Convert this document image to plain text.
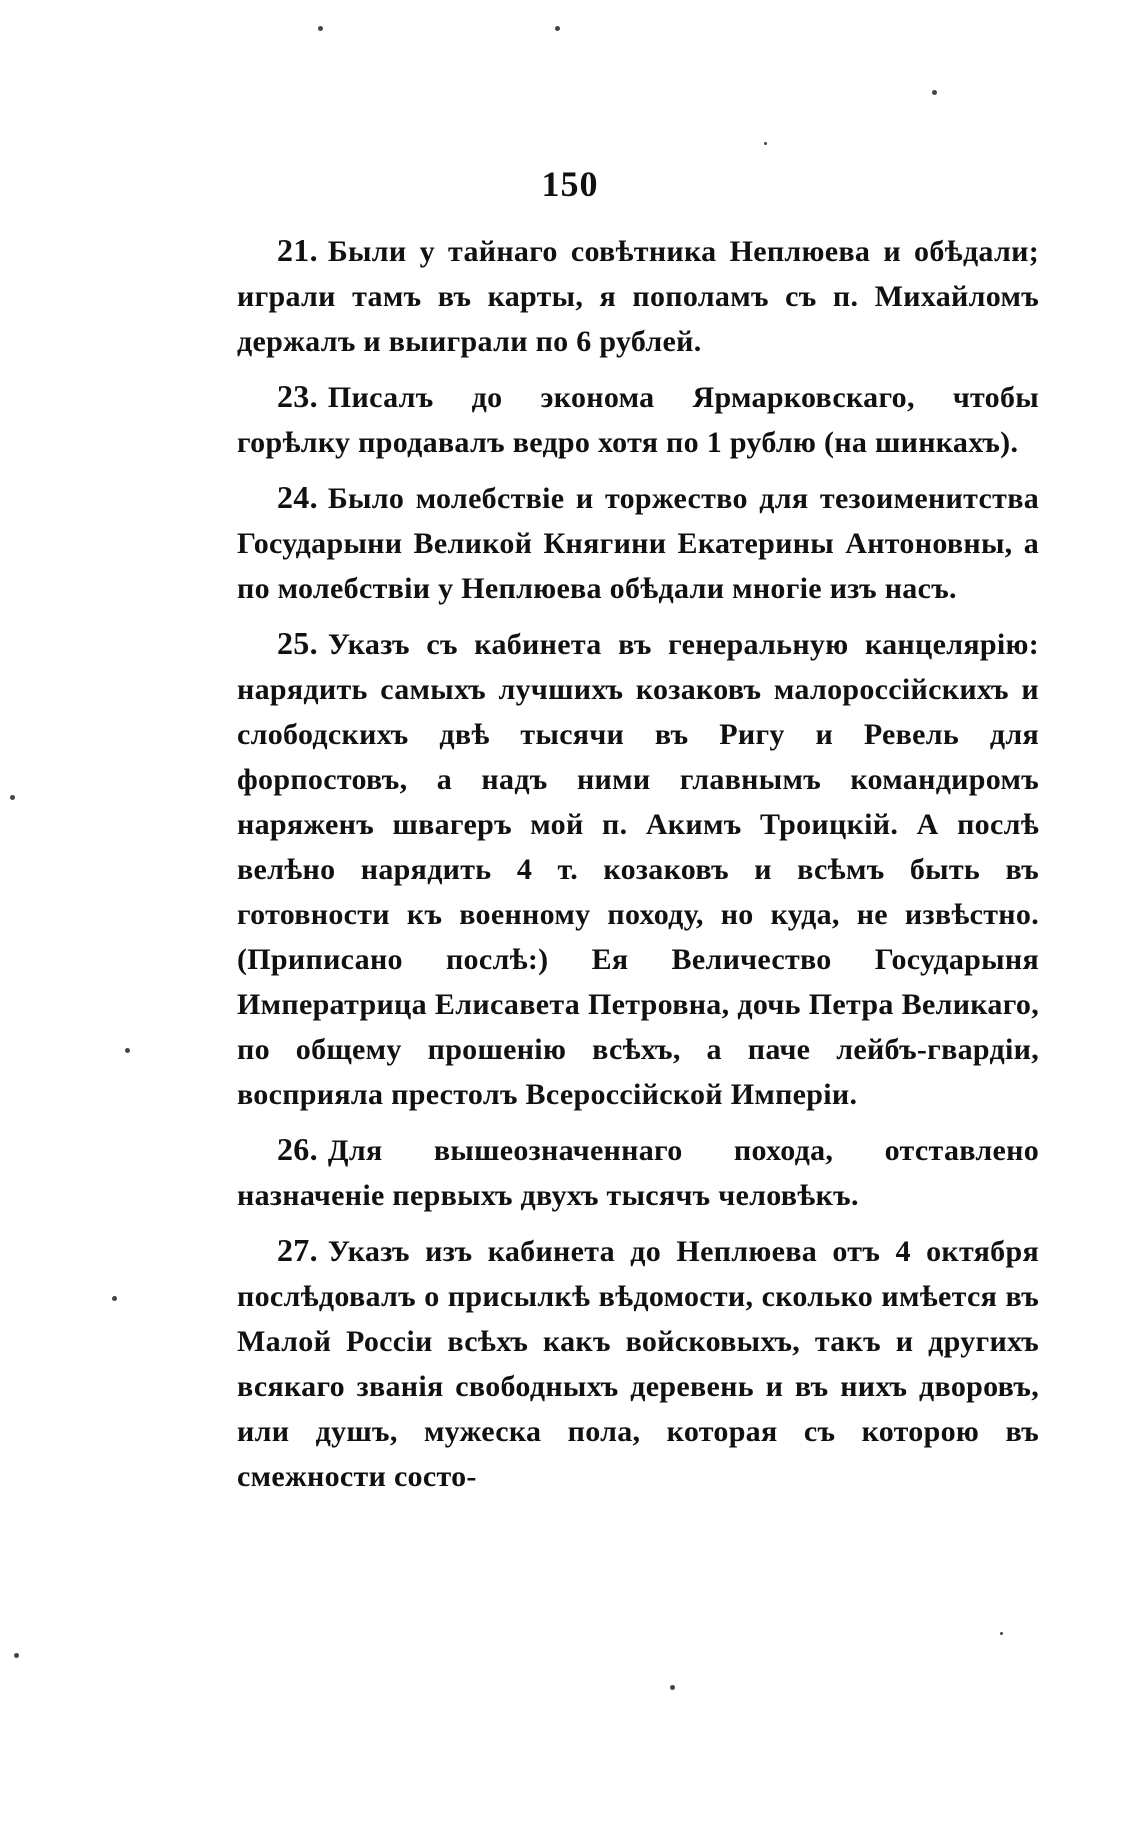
150

21. Были у тайнаго совѣтника Неплюева и обѣдали; играли тамъ въ карты, я пополамъ съ п. Михайломъ держалъ и выиграли по 6 рублей.

23. Писалъ до эконома Ярмарковскаго, чтобы горѣлку продавалъ ведро хотя по 1 рублю (на шинкахъ).

24. Было молебствіе и торжество для тезоименитства Государыни Великой Княгини Екатерины Антоновны, а по молебствіи у Неплюева обѣдали многіе изъ насъ.

25. Указъ съ кабинета въ генеральную канцелярію: нарядить самыхъ лучшихъ козаковъ малороссійскихъ и слободскихъ двѣ тысячи въ Ригу и Ревель для форпостовъ, а надъ ними главнымъ командиромъ наряженъ швагеръ мой п. Акимъ Троицкій. А послѣ велѣно нарядить 4 т. козаковъ и всѣмъ быть въ готовности къ военному походу, но куда, не извѣстно. (Приписано послѣ:) Ея Величество Государыня Императрица Елисавета Петровна, дочь Петра Великаго, по общему прошенію всѣхъ, а паче лейбъ-гвардіи, восприяла престолъ Всероссійской Имперіи.

26. Для вышеозначеннаго похода, отставлено назначеніе первыхъ двухъ тысячъ человѣкъ.

27. Указъ изъ кабинета до Неплюева отъ 4 октября послѣдовалъ о присылкѣ вѣдомости, сколько имѣется въ Малой Россіи всѣхъ какъ войсковыхъ, такъ и другихъ всякаго званія свободныхъ деревень и въ нихъ дворовъ, или душъ, мужеска пола, которая съ которою въ смежности состо-
